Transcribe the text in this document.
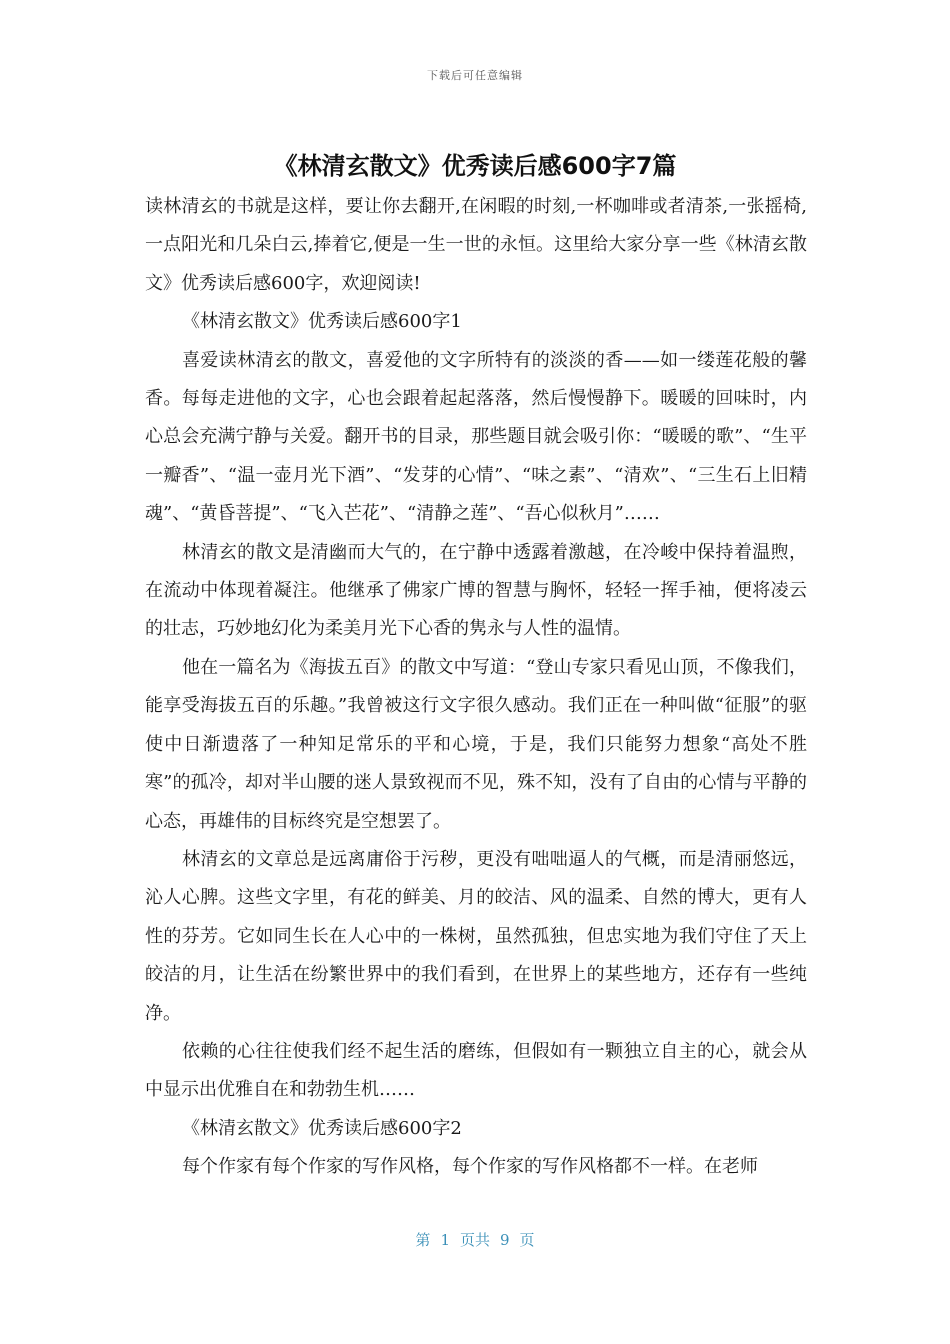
下载后可任意编辑
《林清玄散文》优秀读后感600字7篇

读林清玄的书就是这样，要让你去翻开,在闲暇的时刻,一杯咖啡或者清茶,一张摇椅,一点阳光和几朵白云,捧着它,便是一生一世的永恒。这里给大家分享一些《林清玄散文》优秀读后感600字，欢迎阅读!

《林清玄散文》优秀读后感600字1

喜爱读林清玄的散文，喜爱他的文字所特有的淡淡的香——如一缕莲花般的馨香。每每走进他的文字，心也会跟着起起落落，然后慢慢静下。暖暖的回味时，内心总会充满宁静与关爱。翻开书的目录，那些题目就会吸引你：“暖暖的歌”、“生平一瓣香”、“温一壶月光下酒”、“发芽的心情”、“味之素”、“清欢”、“三生石上旧精魂”、“黄昏菩提”、“飞入芒花”、“清静之莲”、“吾心似秋月”……

林清玄的散文是清幽而大气的，在宁静中透露着激越，在冷峻中保持着温煦，在流动中体现着凝注。他继承了佛家广博的智慧与胸怀，轻轻一挥手袖，便将凌云的壮志，巧妙地幻化为柔美月光下心香的隽永与人性的温情。

他在一篇名为《海拔五百》的散文中写道：“登山专家只看见山顶，不像我们，能享受海拔五百的乐趣。”我曾被这行文字很久感动。我们正在一种叫做“征服”的驱使中日渐遗落了一种知足常乐的平和心境，于是，我们只能努力想象“高处不胜寒”的孤冷，却对半山腰的迷人景致视而不见，殊不知，没有了自由的心情与平静的心态，再雄伟的目标终究是空想罢了。

林清玄的文章总是远离庸俗于污秽，更没有咄咄逼人的气概，而是清丽悠远，沁人心脾。这些文字里，有花的鲜美、月的皎洁、风的温柔、自然的博大，更有人性的芬芳。它如同生长在人心中的一株树，虽然孤独，但忠实地为我们守住了天上皎洁的月，让生活在纷繁世界中的我们看到，在世界上的某些地方，还存有一些纯净。

依赖的心往往使我们经不起生活的磨练，但假如有一颗独立自主的心，就会从中显示出优雅自在和勃勃生机……

《林清玄散文》优秀读后感600字2

每个作家有每个作家的写作风格，每个作家的写作风格都不一样。在老师

第 1 页共 9 页
